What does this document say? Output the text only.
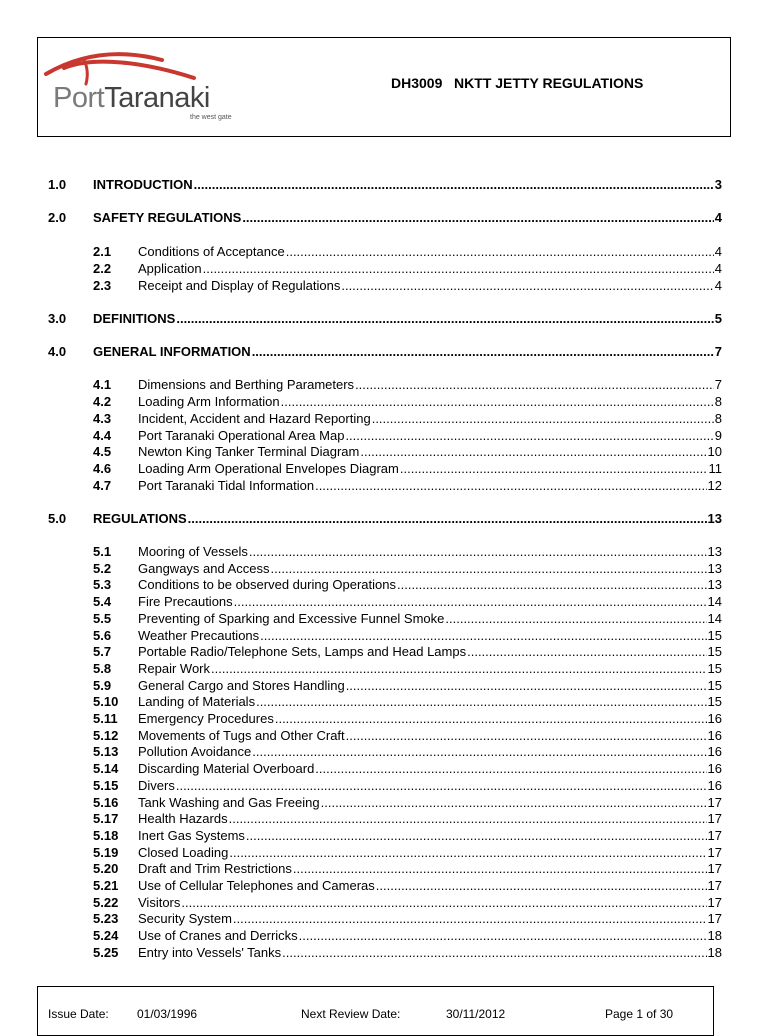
PortTaranaki
the west gate
DH3009 NKTT JETTY REGULATIONS
1.0 INTRODUCTION .....	3
2.0 SAFETY REGULATIONS .....	4
2.1 Conditions of Acceptance .....	4
2.2 Application .....	4
2.3 Receipt and Display of Regulations .....	4
3.0 DEFINITIONS .....	5
4.0 GENERAL INFORMATION .....	7
4.1 Dimensions and Berthing Parameters .....	7
4.2 Loading Arm Information .....	8
4.3 Incident, Accident and Hazard Reporting .....	8
4.4 Port Taranaki Operational Area Map .....	9
4.5 Newton King Tanker Terminal Diagram .....	10
4.6 Loading Arm Operational Envelopes Diagram .....	11
4.7 Port Taranaki Tidal Information .....	12
5.0 REGULATIONS .....	13
5.1 Mooring of Vessels .....	13
5.2 Gangways and Access .....	13
5.3 Conditions to be observed during Operations .....	13
5.4 Fire Precautions .....	14
5.5 Preventing of Sparking and Excessive Funnel Smoke .....	14
5.6 Weather Precautions .....	15
5.7 Portable Radio/Telephone Sets, Lamps and Head Lamps .....	15
5.8 Repair Work .....	15
5.9 General Cargo and Stores Handling .....	15
5.10 Landing of Materials .....	15
5.11 Emergency Procedures .....	16
5.12 Movements of Tugs and Other Craft .....	16
5.13 Pollution Avoidance .....	16
5.14 Discarding Material Overboard .....	16
5.15 Divers .....	16
5.16 Tank Washing and Gas Freeing .....	17
5.17 Health Hazards .....	17
5.18 Inert Gas Systems .....	17
5.19 Closed Loading .....	17
5.20 Draft and Trim Restrictions .....	17
5.21 Use of Cellular Telephones and Cameras .....	17
5.22 Visitors .....	17
5.23 Security System .....	17
5.24 Use of Cranes and Derricks .....	18
5.25 Entry into Vessels' Tanks .....	18
Issue Date: 01/03/1996	Next Review Date:	30/11/2012	Page 1 of 30
